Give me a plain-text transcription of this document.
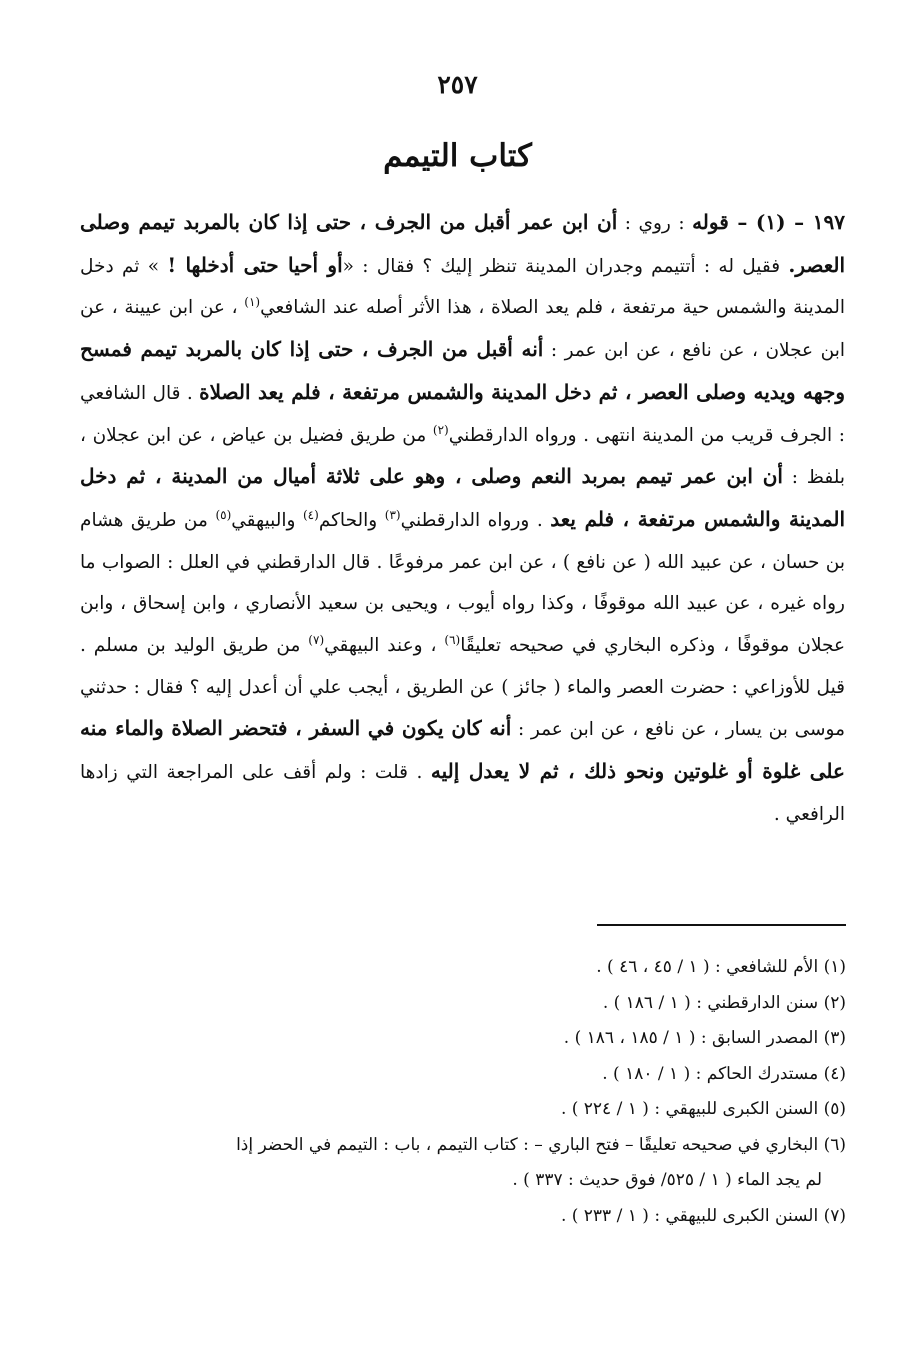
٢٥٧
كتاب التيمم
١٩٧ – (١) – قوله : روي : أن ابن عمر أقبل من الجرف ، حتى إذا كان بالمربد تيمم وصلى العصر. فقيل له : أتتيمم وجدران المدينة تنظر إليك ؟ فقال : «أو أحيا حتى أدخلها ! » ثم دخل المدينة والشمس حية مرتفعة ، فلم يعد الصلاة ، هذا الأثر أصله عند الشافعي$^{(١)}$ ، عن ابن عيينة ، عن ابن عجلان ، عن نافع ، عن ابن عمر : أنه أقبل من الجرف ، حتى إذا كان بالمربد تيمم فمسح وجهه ويديه وصلى العصر ، ثم دخل المدينة والشمس مرتفعة ، فلم يعد الصلاة . قال الشافعي : الجرف قريب من المدينة انتهى . ورواه الدارقطني$^{(٢)}$ من طريق فضيل بن عياض ، عن ابن عجلان ، بلفظ : أن ابن عمر تيمم بمربد النعم وصلى ، وهو على ثلاثة أميال من المدينة ، ثم دخل المدينة والشمس مرتفعة ، فلم يعد . ورواه الدارقطني$^{(٣)}$ والحاكم$^{(٤)}$ والبيهقي$^{(٥)}$ من طريق هشام بن حسان ، عن عبيد الله ( عن نافع ) ، عن ابن عمر مرفوعًا . قال الدارقطني في العلل : الصواب ما رواه غيره ، عن عبيد الله موقوفًا ، وكذا رواه أيوب ، ويحيى بن سعيد الأنصاري ، وابن إسحاق ، وابن عجلان موقوفًا ، وذكره البخاري في صحيحه تعليقًا$^{(٦)}$ ، وعند البيهقي$^{(٧)}$ من طريق الوليد بن مسلم . قيل للأوزاعي : حضرت العصر والماء ( جائز ) عن الطريق ، أيجب علي أن أعدل إليه ؟ فقال : حدثني موسى بن يسار ، عن نافع ، عن ابن عمر : أنه كان يكون في السفر ، فتحضر الصلاة والماء منه على غلوة أو غلوتين ونحو ذلك ، ثم لا يعدل إليه . قلت : ولم أقف على المراجعة التي زادها الرافعي .

(١) الأم للشافعي : ( ١ / ٤٥ ، ٤٦ ) .

(٢) سنن الدارقطني : ( ١ / ١٨٦ ) .

(٣) المصدر السابق : ( ١ / ١٨٥ ، ١٨٦ ) .

(٤) مستدرك الحاكم : ( ١ / ١٨٠ ) .

(٥) السنن الكبرى للبيهقي : ( ١ / ٢٢٤ ) .

(٦) البخاري في صحيحه تعليقًا – فتح الباري – : كتاب التيمم ، باب : التيمم في الحضر إذا

لم يجد الماء ( ١ / ٥٢٥/ فوق حديث : ٣٣٧ ) .

(٧) السنن الكبرى للبيهقي : ( ١ / ٢٣٣ ) .
